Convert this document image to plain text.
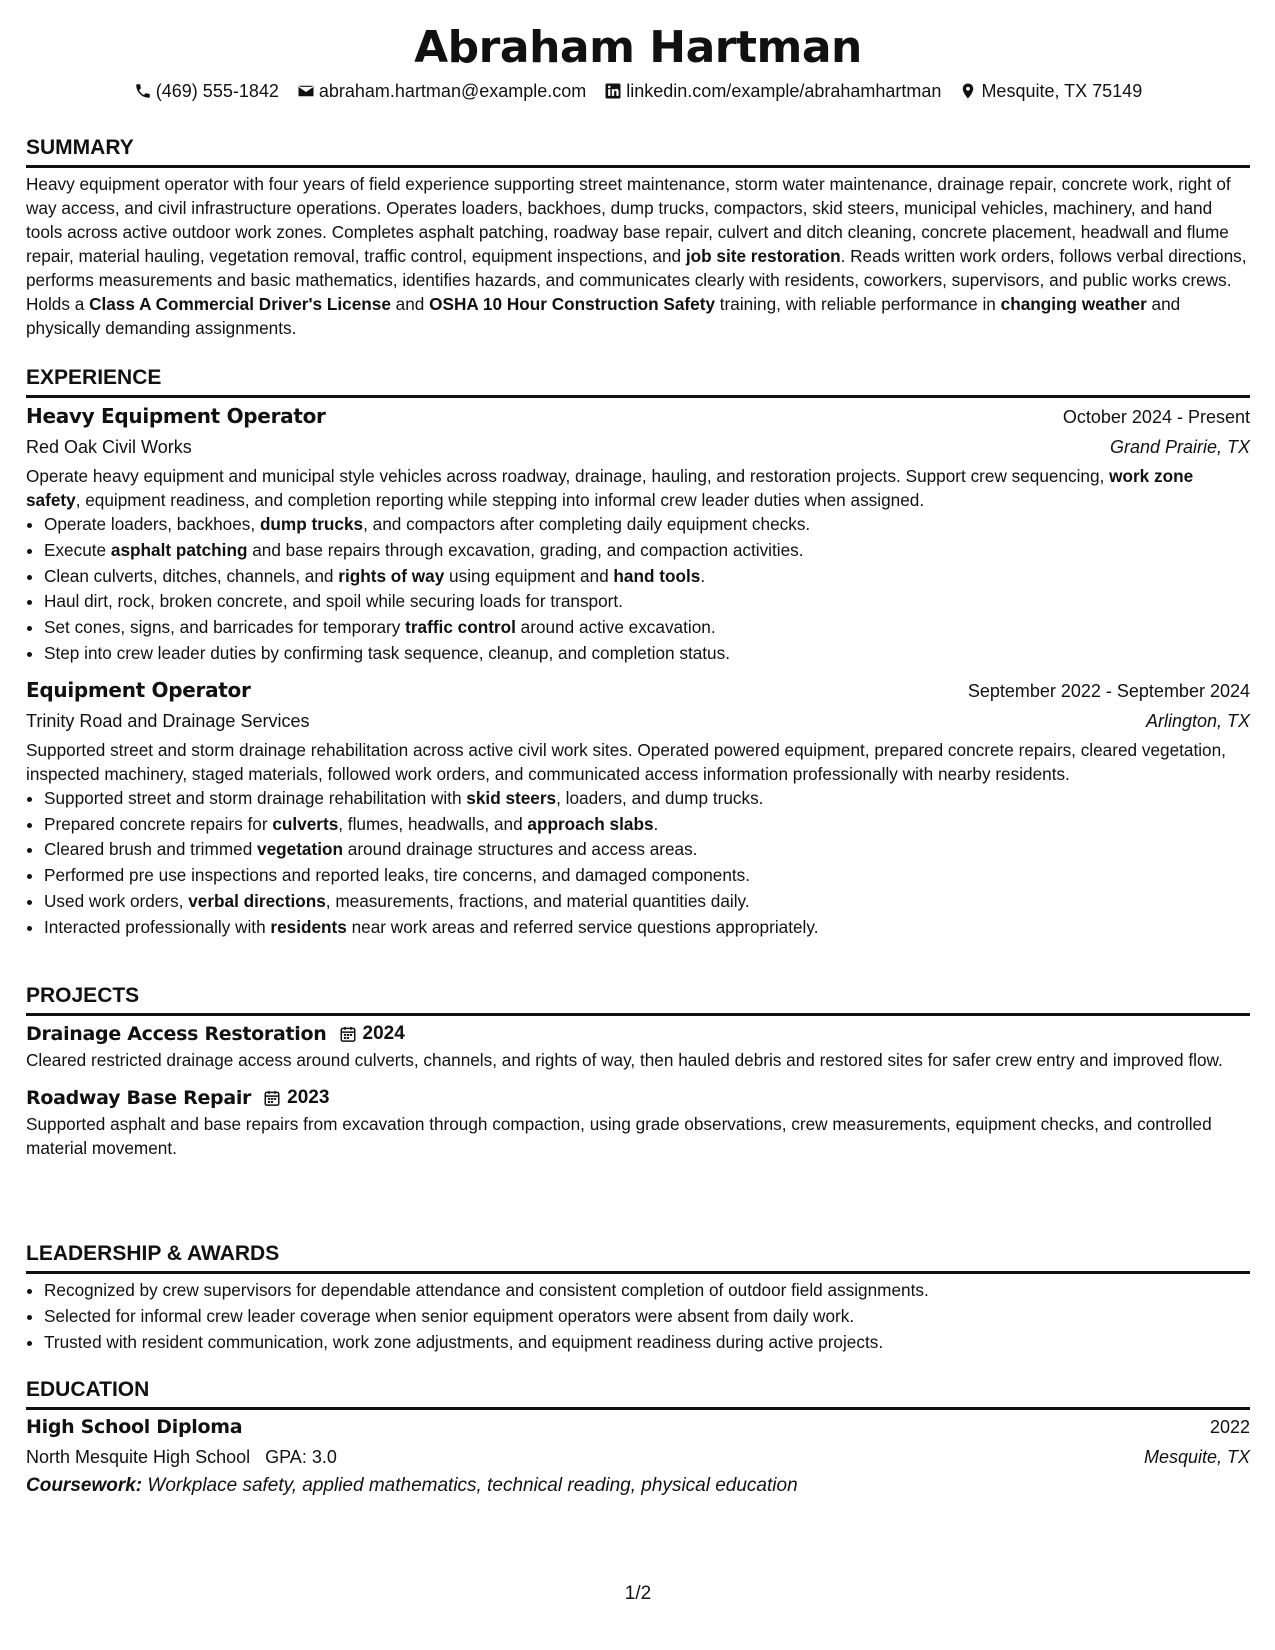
Abraham Hartman
(469) 555-1842 abraham.hartman@example.com linkedin.com/example/abrahamhartman Mesquite, TX 75149
SUMMARY

Heavy equipment operator with four years of field experience supporting street maintenance, storm water maintenance, drainage repair, concrete work, right of way access, and civil infrastructure operations. Operates loaders, backhoes, dump trucks, compactors, skid steers, municipal vehicles, machinery, and hand tools across active outdoor work zones. Completes asphalt patching, roadway base repair, culvert and ditch cleaning, concrete placement, headwall and flume repair, material hauling, vegetation removal, traffic control, equipment inspections, and job site restoration. Reads written work orders, follows verbal directions, performs measurements and basic mathematics, identifies hazards, and communicates clearly with residents, coworkers, supervisors, and public works crews. Holds a Class A Commercial Driver's License and OSHA 10 Hour Construction Safety training, with reliable performance in changing weather and physically demanding assignments.

EXPERIENCE
Heavy Equipment Operator	October 2024 - Present
Red Oak Civil Works	Grand Prairie, TX

Operate heavy equipment and municipal style vehicles across roadway, drainage, hauling, and restoration projects. Support crew sequencing, work zone safety, equipment readiness, and completion reporting while stepping into informal crew leader duties when assigned.

• Operate loaders, backhoes, dump trucks, and compactors after completing daily equipment checks.
• Execute asphalt patching and base repairs through excavation, grading, and compaction activities.
• Clean culverts, ditches, channels, and rights of way using equipment and hand tools.
• Haul dirt, rock, broken concrete, and spoil while securing loads for transport.
• Set cones, signs, and barricades for temporary traffic control around active excavation.
• Step into crew leader duties by confirming task sequence, cleanup, and completion status.
Equipment Operator	September 2022 - September 2024
Trinity Road and Drainage Services	Arlington, TX

Supported street and storm drainage rehabilitation across active civil work sites. Operated powered equipment, prepared concrete repairs, cleared vegetation, inspected machinery, staged materials, followed work orders, and communicated access information professionally with nearby residents.

• Supported street and storm drainage rehabilitation with skid steers, loaders, and dump trucks.
• Prepared concrete repairs for culverts, flumes, headwalls, and approach slabs.
• Cleared brush and trimmed vegetation around drainage structures and access areas.
• Performed pre use inspections and reported leaks, tire concerns, and damaged components.
• Used work orders, verbal directions, measurements, fractions, and material quantities daily.
• Interacted professionally with residents near work areas and referred service questions appropriately.
PROJECTS
Drainage Access Restoration 2024

Cleared restricted drainage access around culverts, channels, and rights of way, then hauled debris and restored sites for safer crew entry and improved flow.

Roadway Base Repair 2023

Supported asphalt and base repairs from excavation through compaction, using grade observations, crew measurements, equipment checks, and controlled material movement.

LEADERSHIP & AWARDS
• Recognized by crew supervisors for dependable attendance and consistent completion of outdoor field assignments.
• Selected for informal crew leader coverage when senior equipment operators were absent from daily work.
• Trusted with resident communication, work zone adjustments, and equipment readiness during active projects.
EDUCATION
High School Diploma	2022
North Mesquite High School GPA: 3.0	Mesquite, TX
Coursework: Workplace safety, applied mathematics, technical reading, physical education
1/2
